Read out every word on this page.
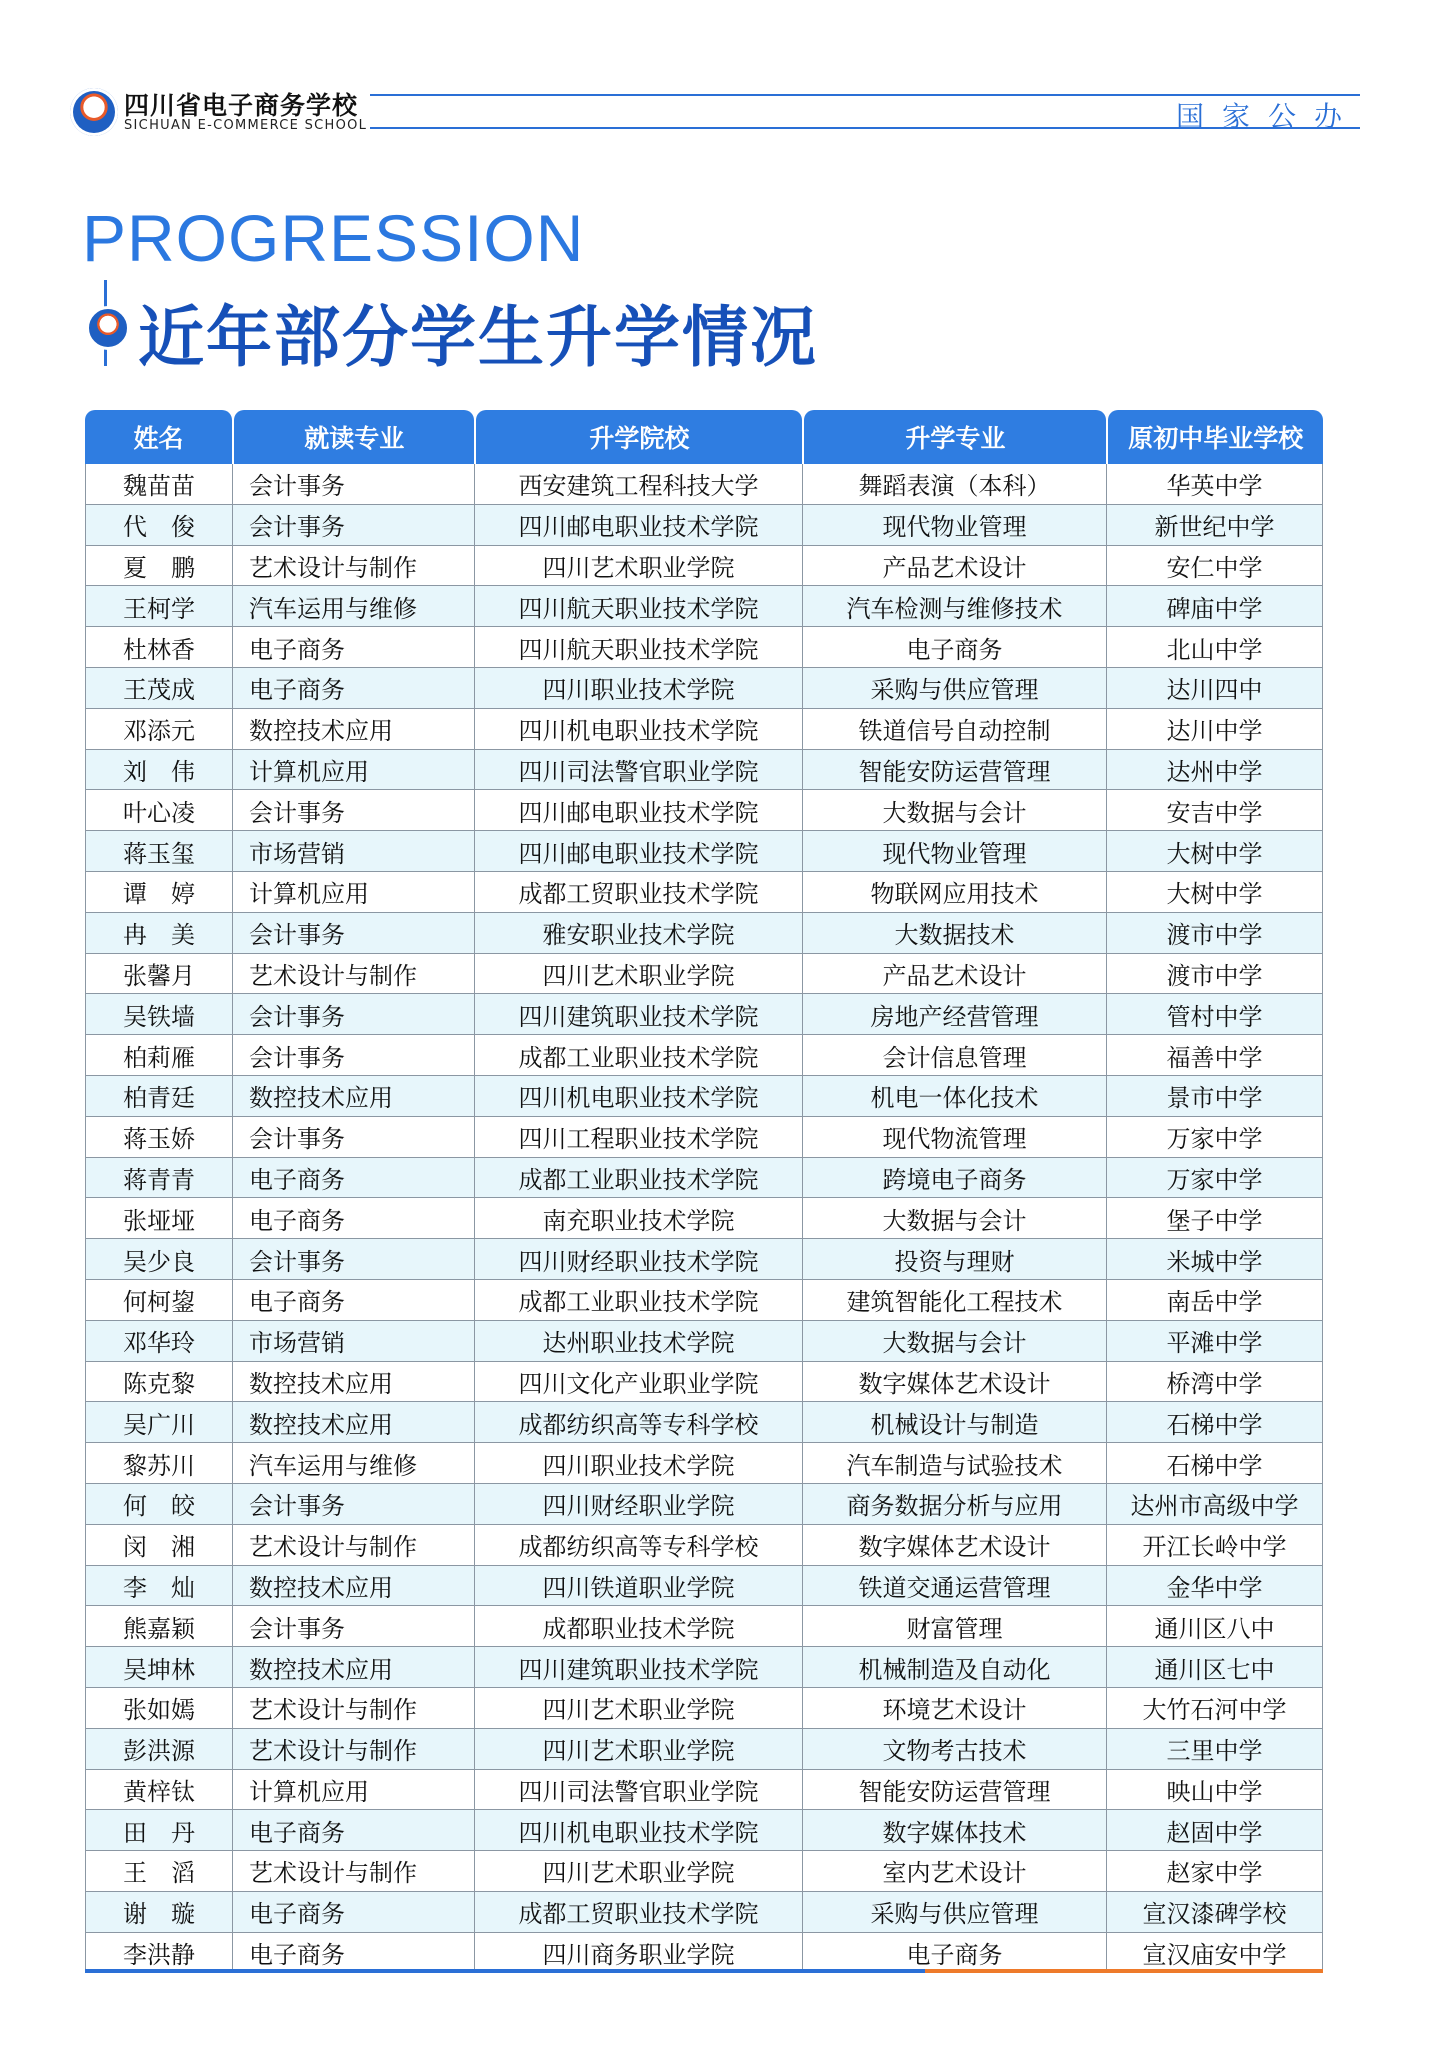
四川省电子商务学校
SICHUAN E-COMMERCE SCHOOL	国家公办
PROGRESSION
近年部分学生升学情况
姓名	就读专业	升学院校	升学专业	原初中毕业学校
魏苗苗	会计事务	西安建筑工程科技大学	舞蹈表演（本科）	华英中学
代　俊	会计事务	四川邮电职业技术学院	现代物业管理	新世纪中学
夏　鹏	艺术设计与制作	四川艺术职业学院	产品艺术设计	安仁中学
王柯学	汽车运用与维修	四川航天职业技术学院	汽车检测与维修技术	碑庙中学
杜林香	电子商务	四川航天职业技术学院	电子商务	北山中学
王茂成	电子商务	四川职业技术学院	采购与供应管理	达川四中
邓添元	数控技术应用	四川机电职业技术学院	铁道信号自动控制	达川中学
刘　伟	计算机应用	四川司法警官职业学院	智能安防运营管理	达州中学
叶心凌	会计事务	四川邮电职业技术学院	大数据与会计	安吉中学
蒋玉玺	市场营销	四川邮电职业技术学院	现代物业管理	大树中学
谭　婷	计算机应用	成都工贸职业技术学院	物联网应用技术	大树中学
冉　美	会计事务	雅安职业技术学院	大数据技术	渡市中学
张馨月	艺术设计与制作	四川艺术职业学院	产品艺术设计	渡市中学
吴铁墙	会计事务	四川建筑职业技术学院	房地产经营管理	管村中学
柏莉雁	会计事务	成都工业职业技术学院	会计信息管理	福善中学
柏青廷	数控技术应用	四川机电职业技术学院	机电一体化技术	景市中学
蒋玉娇	会计事务	四川工程职业技术学院	现代物流管理	万家中学
蒋青青	电子商务	成都工业职业技术学院	跨境电子商务	万家中学
张垭垭	电子商务	南充职业技术学院	大数据与会计	堡子中学
吴少良	会计事务	四川财经职业技术学院	投资与理财	米城中学
何柯鋆	电子商务	成都工业职业技术学院	建筑智能化工程技术	南岳中学
邓华玲	市场营销	达州职业技术学院	大数据与会计	平滩中学
陈克黎	数控技术应用	四川文化产业职业学院	数字媒体艺术设计	桥湾中学
吴广川	数控技术应用	成都纺织高等专科学校	机械设计与制造	石梯中学
黎苏川	汽车运用与维修	四川职业技术学院	汽车制造与试验技术	石梯中学
何　皎	会计事务	四川财经职业学院	商务数据分析与应用	达州市高级中学
闵　湘	艺术设计与制作	成都纺织高等专科学校	数字媒体艺术设计	开江长岭中学
李　灿	数控技术应用	四川铁道职业学院	铁道交通运营管理	金华中学
熊嘉颖	会计事务	成都职业技术学院	财富管理	通川区八中
吴坤林	数控技术应用	四川建筑职业技术学院	机械制造及自动化	通川区七中
张如嫣	艺术设计与制作	四川艺术职业学院	环境艺术设计	大竹石河中学
彭洪源	艺术设计与制作	四川艺术职业学院	文物考古技术	三里中学
黄梓钛	计算机应用	四川司法警官职业学院	智能安防运营管理	映山中学
田　丹	电子商务	四川机电职业技术学院	数字媒体技术	赵固中学
王　滔	艺术设计与制作	四川艺术职业学院	室内艺术设计	赵家中学
谢　璇	电子商务	成都工贸职业技术学院	采购与供应管理	宣汉漆碑学校
李洪静	电子商务	四川商务职业学院	电子商务	宣汉庙安中学
